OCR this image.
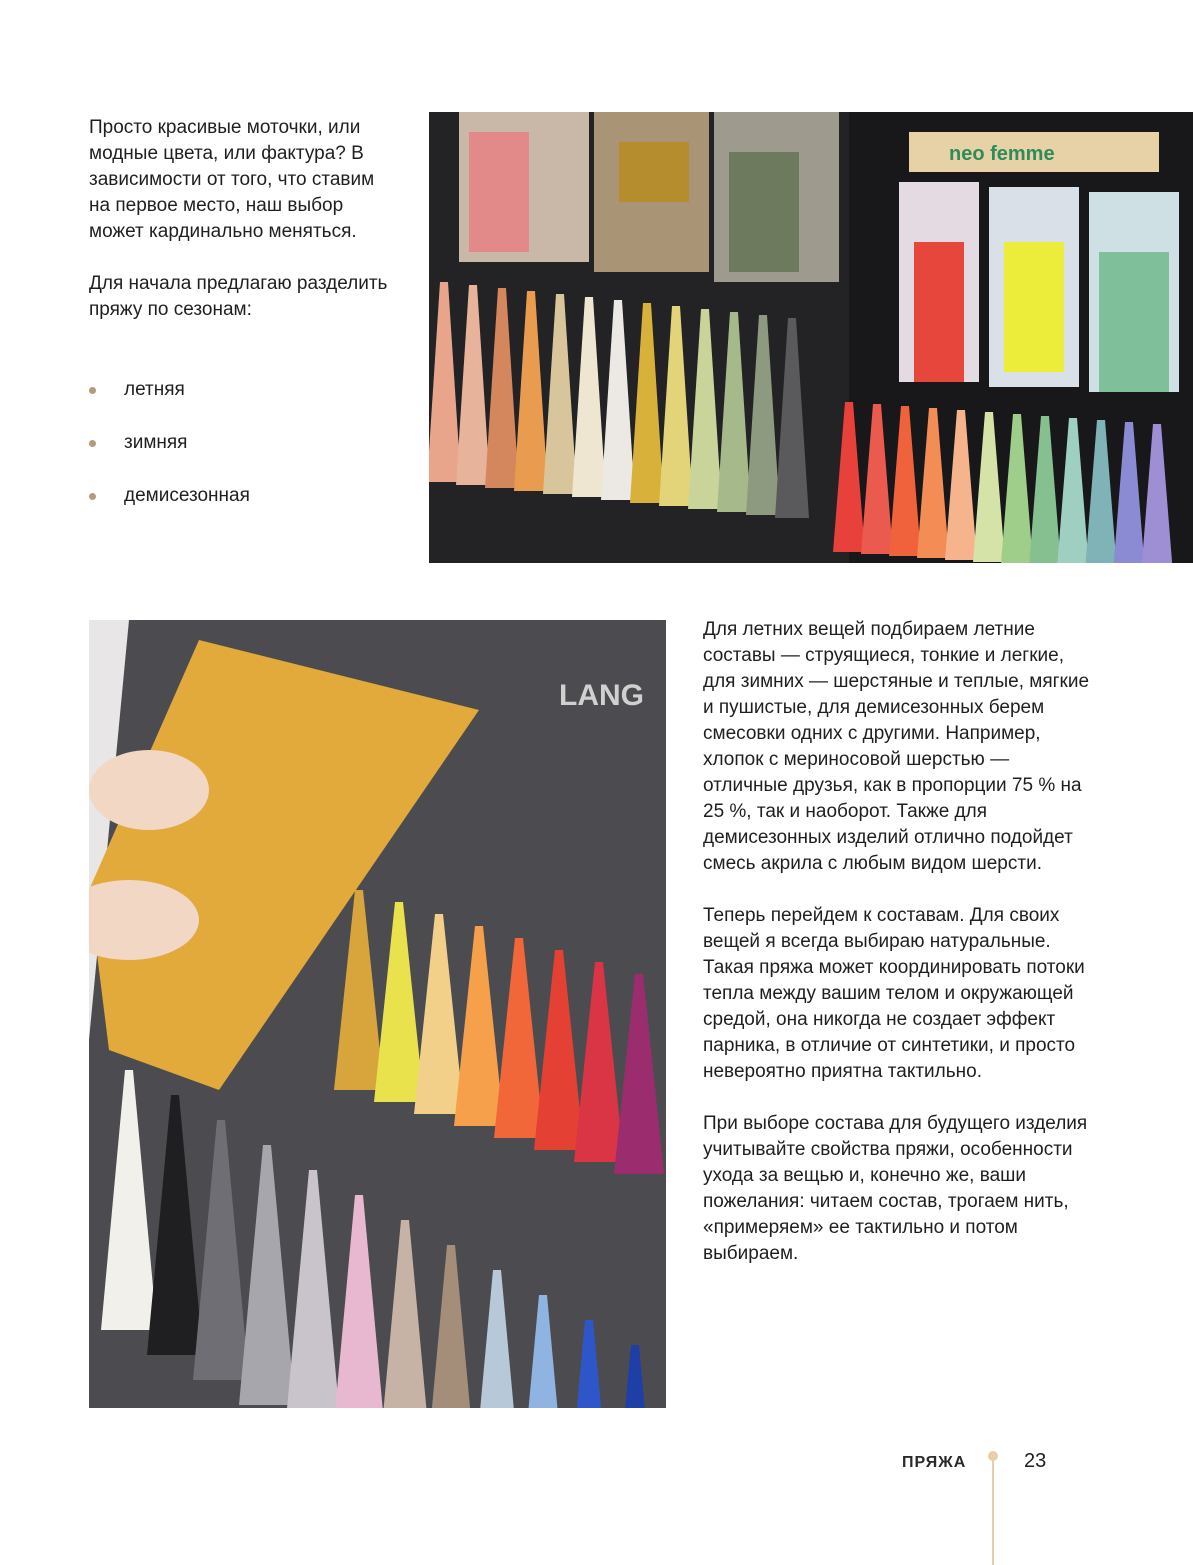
Просто красивые моточки, или модные цвета, или фактура? В зависимости от того, что ставим на первое место, наш выбор может кардинально меняться.

Для начала предлагаю разделить пряжу по сезонам:

летняя
зимняя
демисезонная
neo femme
LANG

Для летних вещей подбираем летние составы — струящиеся, тонкие и легкие, для зимних — шерстяные и теплые, мягкие и пушистые, для демисезонных берем смесовки одних с другими. Например, хлопок с мериносовой шерстью — отличные друзья, как в пропорции 75 % на 25 %, так и наоборот. Также для демисезонных изделий отлично подойдет смесь акрила с любым видом шерсти.

Теперь перейдем к составам. Для своих вещей я всегда выбираю натуральные. Такая пряжа может координировать потоки тепла между вашим телом и окружающей средой, она никогда не создает эффект парника, в отличие от синтетики, и просто невероятно приятна тактильно.

При выборе состава для будущего изделия учитывайте свойства пряжи, особенности ухода за вещью и, конечно же, ваши пожелания: читаем состав, трогаем нить, «примеряем» ее тактильно и потом выбираем.

ПРЯЖА	23
